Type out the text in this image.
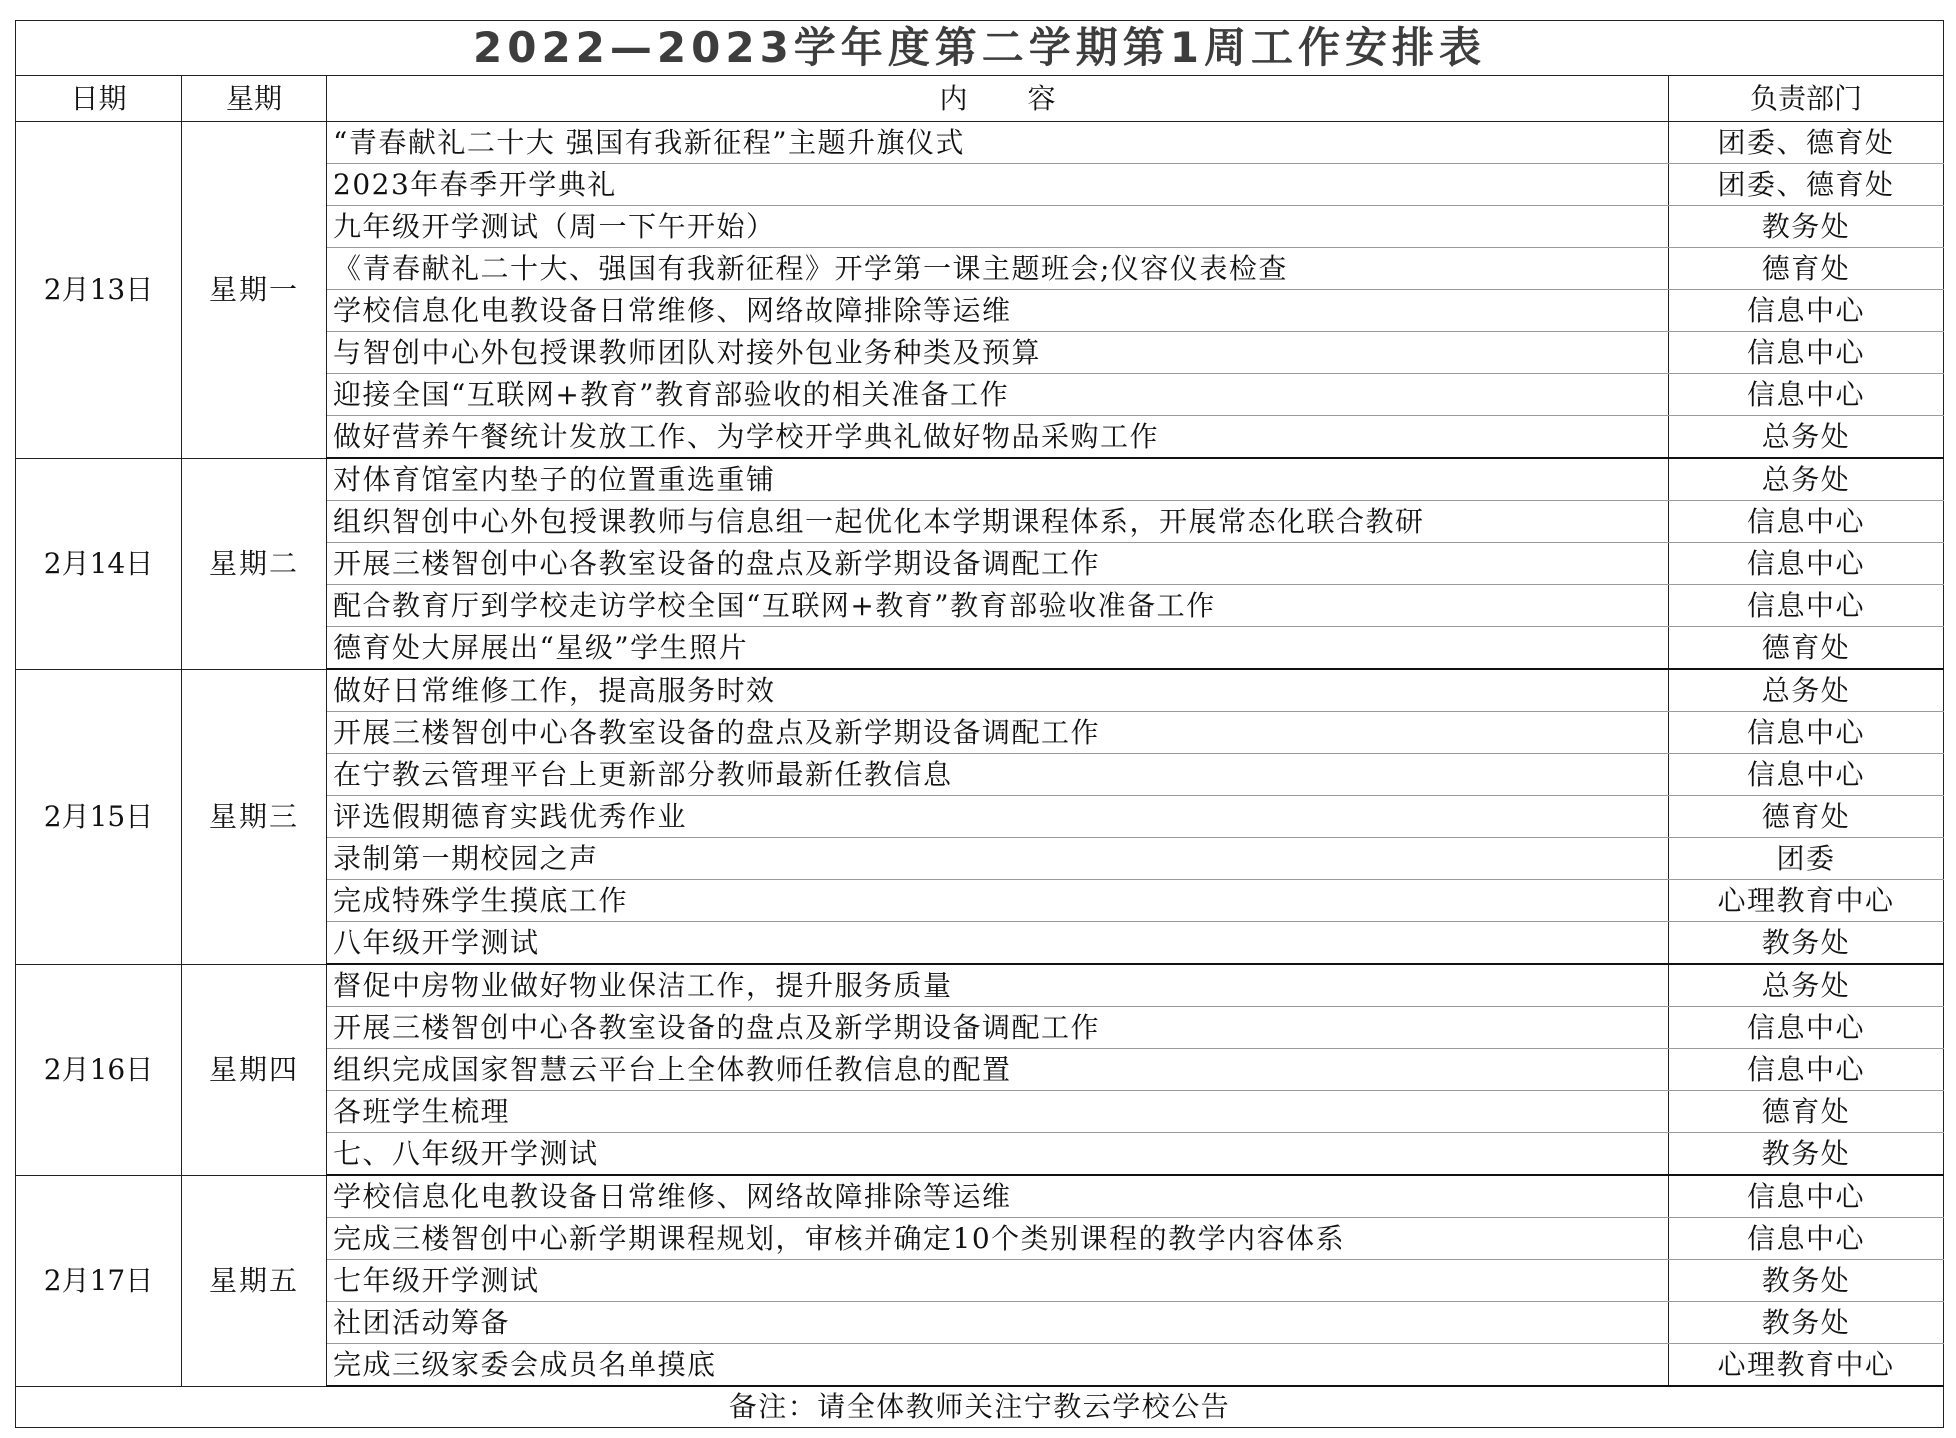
2022—2023学年度第二学期第1周工作安排表			
日期	星期	内容	负责部门
2月13日	星期一	“青春献礼二十大 强国有我新征程”主题升旗仪式	团委、德育处
		2023年春季开学典礼	团委、德育处
		九年级开学测试（周一下午开始）	教务处
		《青春献礼二十大、强国有我新征程》开学第一课主题班会;仪容仪表检查	德育处
		学校信息化电教设备日常维修、网络故障排除等运维	信息中心
		与智创中心外包授课教师团队对接外包业务种类及预算	信息中心
		迎接全国“互联网+教育”教育部验收的相关准备工作	信息中心
		做好营养午餐统计发放工作、为学校开学典礼做好物品采购工作	总务处
2月14日	星期二	对体育馆室内垫子的位置重选重铺	总务处
		组织智创中心外包授课教师与信息组一起优化本学期课程体系，开展常态化联合教研	信息中心
		开展三楼智创中心各教室设备的盘点及新学期设备调配工作	信息中心
		配合教育厅到学校走访学校全国“互联网+教育”教育部验收准备工作	信息中心
		德育处大屏展出“星级”学生照片	德育处
2月15日	星期三	做好日常维修工作，提高服务时效	总务处
		开展三楼智创中心各教室设备的盘点及新学期设备调配工作	信息中心
		在宁教云管理平台上更新部分教师最新任教信息	信息中心
		评选假期德育实践优秀作业	德育处
		录制第一期校园之声	团委
		完成特殊学生摸底工作	心理教育中心
		八年级开学测试	教务处
2月16日	星期四	督促中房物业做好物业保洁工作，提升服务质量	总务处
		开展三楼智创中心各教室设备的盘点及新学期设备调配工作	信息中心
		组织完成国家智慧云平台上全体教师任教信息的配置	信息中心
		各班学生梳理	德育处
		七、八年级开学测试	教务处
2月17日	星期五	学校信息化电教设备日常维修、网络故障排除等运维	信息中心
		完成三楼智创中心新学期课程规划，审核并确定10个类别课程的教学内容体系	信息中心
		七年级开学测试	教务处
		社团活动筹备	教务处
		完成三级家委会成员名单摸底	心理教育中心
备注：请全体教师关注宁教云学校公告			
